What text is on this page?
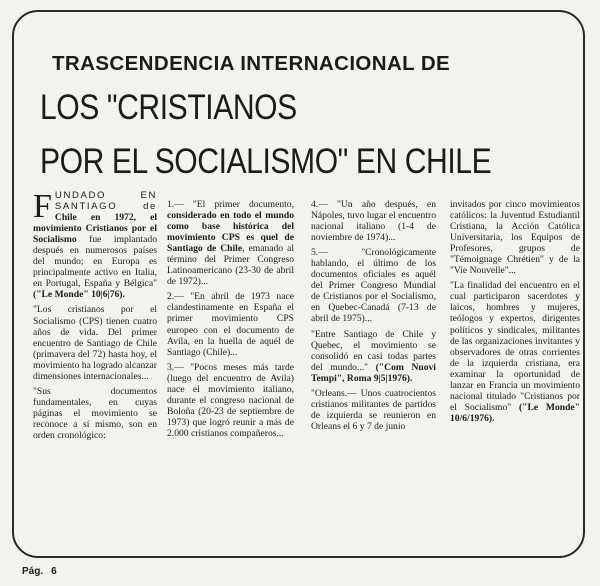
TRASCENDENCIA INTERNACIONAL DE
LOS "CRISTIANOS
POR EL SOCIALISMO" EN CHILE

FUNDADO EN SANTIAGO de Chile en 1972, el movimiento Cristianos por el Socialismo fue implantado después en numerosos países del mundo; en Europa es principalmente activo en Italia, en Portugal, España y Bélgica" ("Le Monde" 10|6|76).

"Los cristianos por el Socialismo (CPS) tienen cuatro años de vida. Del primer encuentro de Santiago de Chile (primavera del 72) hasta hoy, el movimiento ha logrado alcanzar dimensiones internacionales...

"Sus documentos fundamentales, en cuyas páginas el movimiento se reconoce a sí mismo, son en orden cronológico:

1.— "El primer documento, considerado en todo el mundo como base histórica del movimiento CPS es quel de Santiago de Chile, emanado al término del Primer Congreso Latinoamericano (23-30 de abril de 1972)...

2.— "En abril de 1973 nace clandestinamente en España el primer movimiento CPS europeo con el documento de Avila, en la huella de aquél de Santiago (Chile)...

3.— "Pocos meses más tarde (luego del encuentro de Avila) nace el movimiento italiano, durante el congreso nacional de Boloña (20-23 de septiembre de 1973) que logró reunir a más de 2.000 cristianos compañeros...

4.— "Un año después, en Nápoles, tuvo lugar el encuentro nacional italiano (1-4 de noviembre de 1974)...

5.— "Cronológicamente hablando, el último de los documentos oficiales es aquél del Primer Congreso Mundial de Cristianos por el Socialismo, en Quebec-Canadá (7-13 de abril de 1975)...

"Entre Santiago de Chile y Quebec, el movimiento se consolidó en casi todas partes del mundo..." ("Com Nuovi Tempi", Roma 9|5|1976).

"Orleans.— Unos cuatrocientos cristianos militantes de partidos de izquierda se reunieron en Orleans el 6 y 7 de junio

invitados por cinco movimientos católicos: la Juventud Estudiantil Cristiana, la Acción Católica Universitaria, los Equipos de Profesores, grupos de "Témoignage Chrétien" y de la "Vie Nouvelle"...

"La finalidad del encuentro en el cual participaron sacerdotes y laicos, hombres y mujeres, teólogos y expertos, dirigentes políticos y sindicales, militantes de las organizaciones invitantes y observadores de otras corrientes de la izquierda cristiana, era examinar la oportunidad de lanzar en Francia un movimiento nacional titulado "Cristianos por el Socialismo" ("Le Monde" 10/6/1976).

Pág. 6
